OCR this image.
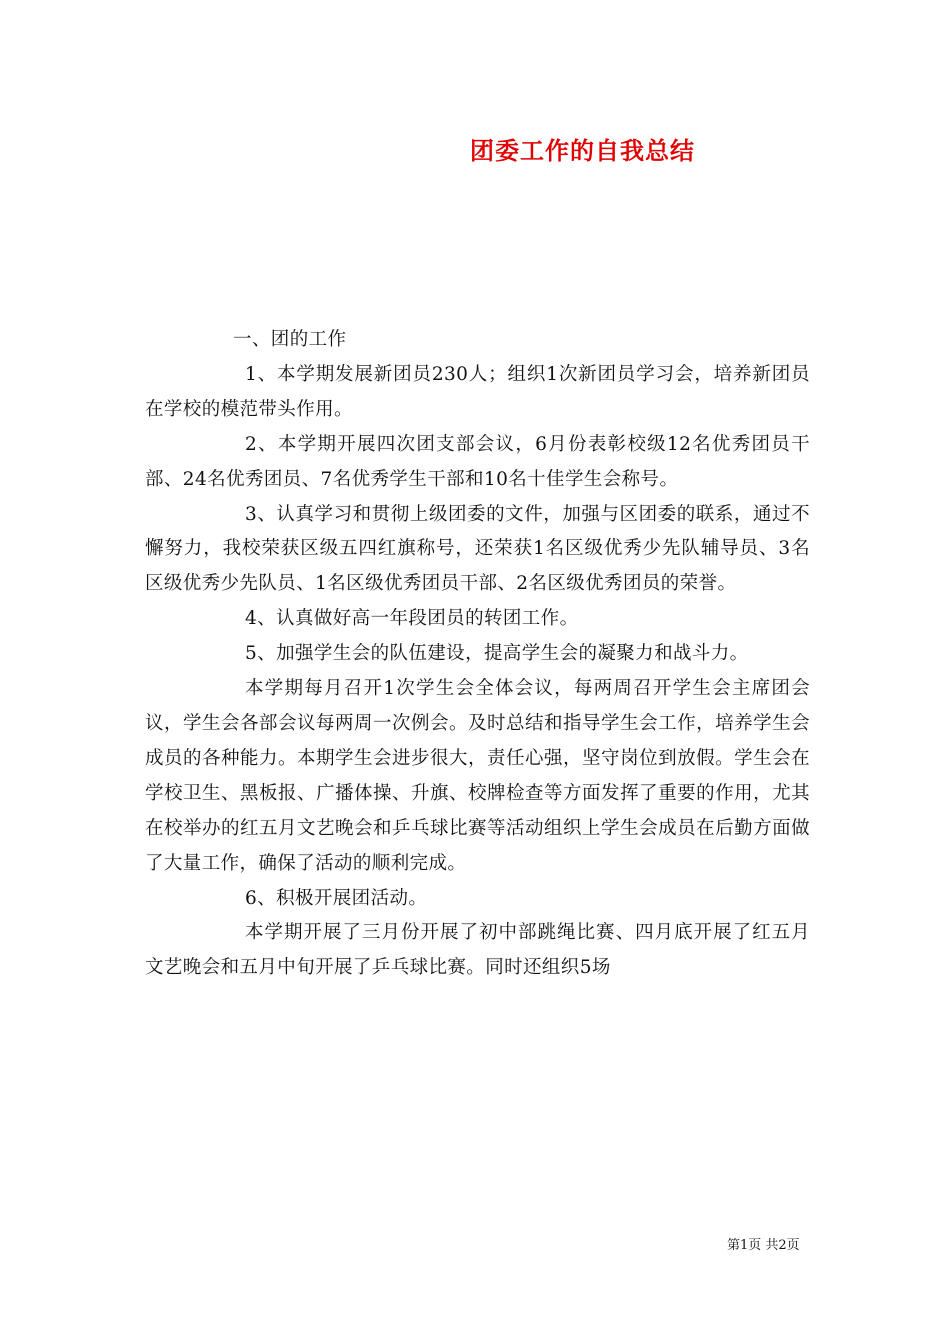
团委工作的自我总结

一、团的工作

1、本学期发展新团员230人；组织1次新团员学习会，培养新团员在学校的模范带头作用。

2、本学期开展四次团支部会议，6月份表彰校级12名优秀团员干部、24名优秀团员、7名优秀学生干部和10名十佳学生会称号。

3、认真学习和贯彻上级团委的文件，加强与区团委的联系，通过不懈努力，我校荣获区级五四红旗称号，还荣获1名区级优秀少先队辅导员、3名区级优秀少先队员、1名区级优秀团员干部、2名区级优秀团员的荣誉。

4、认真做好高一年段团员的转团工作。

5、加强学生会的队伍建设，提高学生会的凝聚力和战斗力。

本学期每月召开1次学生会全体会议，每两周召开学生会主席团会议，学生会各部会议每两周一次例会。及时总结和指导学生会工作，培养学生会成员的各种能力。本期学生会进步很大，责任心强，坚守岗位到放假。学生会在学校卫生、黑板报、广播体操、升旗、校牌检查等方面发挥了重要的作用，尤其在校举办的红五月文艺晚会和乒乓球比赛等活动组织上学生会成员在后勤方面做了大量工作，确保了活动的顺利完成。

6、积极开展团活动。

本学期开展了三月份开展了初中部跳绳比赛、四月底开展了红五月文艺晚会和五月中旬开展了乒乓球比赛。同时还组织5场

第1页 共2页
